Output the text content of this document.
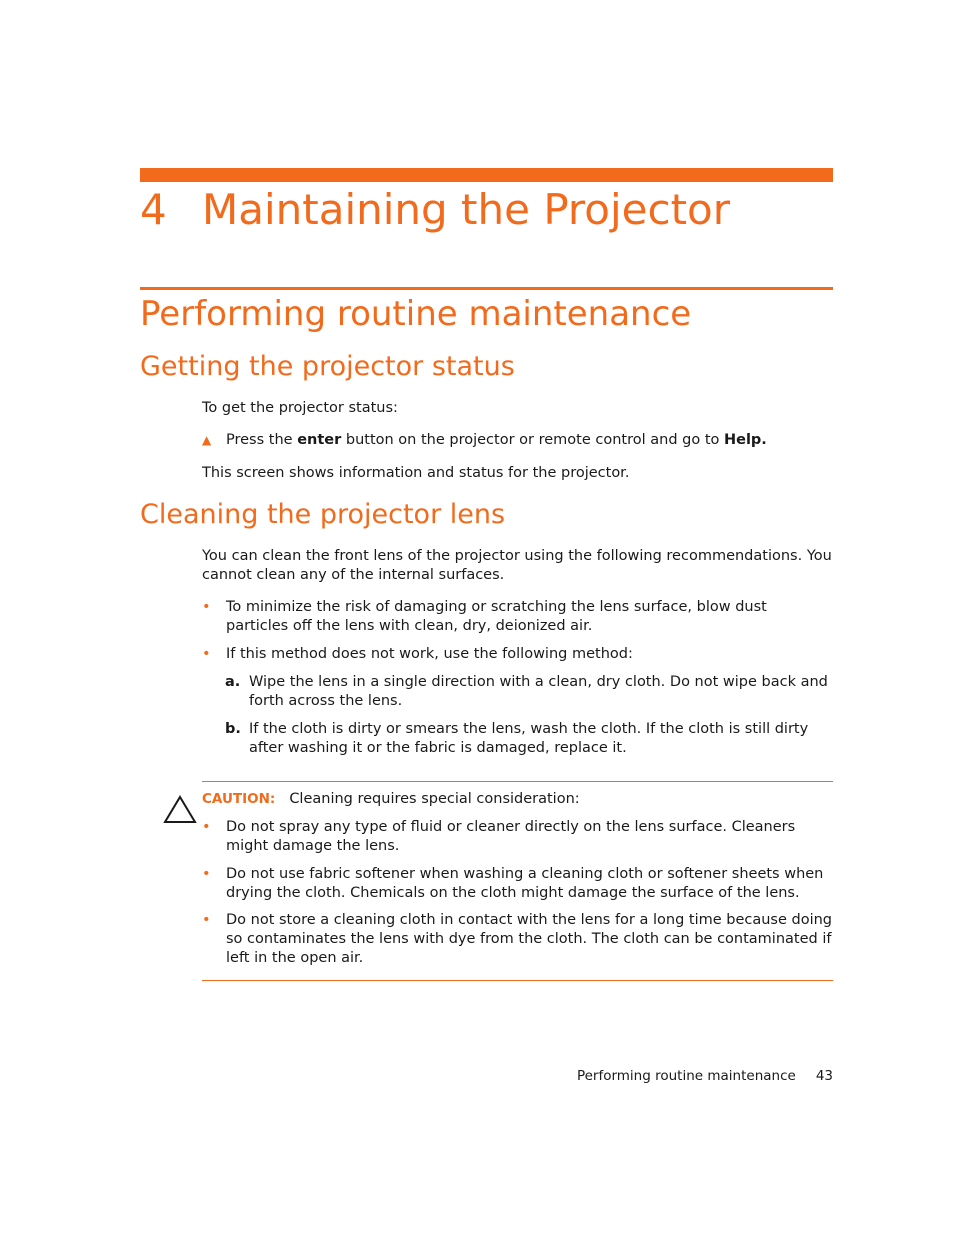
4 Maintaining the Projector
Performing routine maintenance
Getting the projector status

To get the projector status:

▲ Press the enter button on the projector or remote control and go to Help.

This screen shows information and status for the projector.

Cleaning the projector lens

You can clean the front lens of the projector using the following recommendations. You cannot clean any of the internal surfaces.

• To minimize the risk of damaging or scratching the lens surface, blow dust particles off the lens with clean, dry, deionized air.
• If this method does not work, use the following method:
a. Wipe the lens in a single direction with a clean, dry cloth. Do not wipe back and forth across the lens.
b. If the cloth is dirty or smears the lens, wash the cloth. If the cloth is still dirty after washing it or the fabric is damaged, replace it.
CAUTION: Cleaning requires special consideration:
• Do not spray any type of fluid or cleaner directly on the lens surface. Cleaners might damage the lens.
• Do not use fabric softener when washing a cleaning cloth or softener sheets when drying the cloth. Chemicals on the cloth might damage the surface of the lens.
• Do not store a cleaning cloth in contact with the lens for a long time because doing so contaminates the lens with dye from the cloth. The cloth can be contaminated if left in the open air.
Performing routine maintenance 43
